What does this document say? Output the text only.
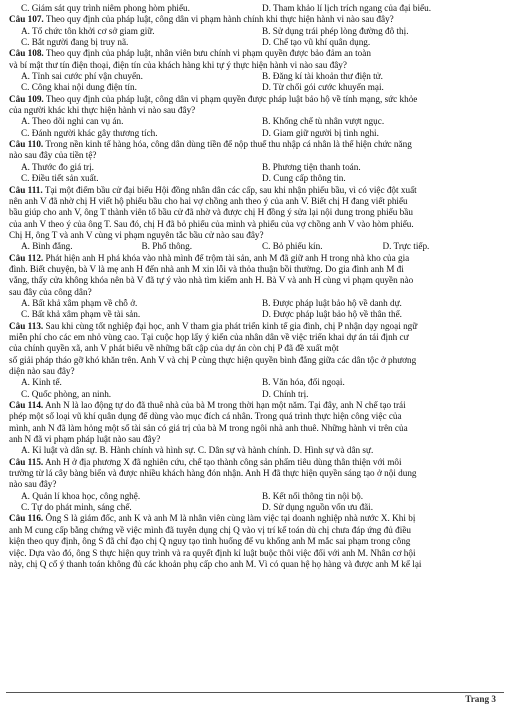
C. Giám sát quy trình niêm phong hòm phiếu.	D. Tham khảo lí lịch trích ngang của đại biểu.
Câu 107. Theo quy định của pháp luật, công dân vi phạm hành chính khi thực hiện hành vi nào sau đây?
A. Tổ chức tôn khởi cơ sở giam giữ.	B. Sử dụng trái phép lòng đường đô thị.
C. Bắt người đang bị truy nã.	D. Chế tạo vũ khí quân dụng.
Câu 108. Theo quy định của pháp luật, nhân viên bưu chính vi phạm quyền được bảo đảm an toàn
và bí mật thư tín điện thoại, điện tín của khách hàng khi tự ý thực hiện hành vi nào sau đây?
A. Tỉnh sai cước phí vận chuyển.	B. Đăng kí tài khoản thư điện tử.
C. Công khai nội dung điện tín.	D. Từ chối gói cước khuyến mại.
Câu 109. Theo quy định của pháp luật, công dân vi phạm quyền được pháp luật bảo hộ về tính mạng, sức khỏe
của người khác khi thực hiện hành vi nào sau đây?
A. Theo dõi nghi can vụ án.	B. Khống chế tù nhân vượt ngục.
C. Đánh người khác gây thương tích.	D. Giam giữ người bị tình nghi.
Câu 110. Trong nền kinh tế hàng hóa, công dân dùng tiền để nộp thuế thu nhập cá nhân là thể hiện chức năng
nào sau đây của tiền tệ?
A. Thước đo giá trị.	B. Phương tiện thanh toán.
C. Điều tiết sản xuất.	D. Cung cấp thông tin.
Câu 111. Tại một điểm bầu cử đại biểu Hội đồng nhân dân các cấp, sau khi nhận phiếu bầu, vì có việc đột xuất
nên anh V đã nhờ chị H viết hộ phiếu bầu cho hai vợ chồng anh theo ý của anh V. Biết chị H đang viết phiếu
bầu giúp cho anh V, ông T thành viên tổ bầu cử đã nhờ và được chị H đồng ý sửa lại nội dung trong phiếu bầu
của anh V theo ý của ông T. Sau đó, chị H đã bỏ phiếu của mình và phiếu của vợ chồng anh V vào hòm phiếu.
Chị H, ông T và anh V cùng vi phạm nguyên tắc bầu cử nào sau đây?
A. Bình đẳng.	B. Phổ thông.	C. Bỏ phiếu kín.	D. Trực tiếp.
Câu 112. Phát hiện anh H phá khóa vào nhà mình để trộm tài sản, anh M đã giữ anh H trong nhà kho của gia
đình. Biết chuyện, bà V là mẹ anh H đến nhà anh M xin lỗi và thỏa thuận bồi thường. Do gia đình anh M đi
vắng, thấy cửa không khóa nên bà V đã tự ý vào nhà tìm kiếm anh H. Bà V và anh H cùng vi phạm quyền nào
sau đây của công dân?
A. Bất khả xâm phạm về chỗ ở.	B. Được pháp luật bảo hộ về danh dự.
C. Bất khả xâm phạm về tài sản.	D. Được pháp luật bảo hộ về thân thể.
Câu 113. Sau khi cùng tốt nghiệp đại học, anh V tham gia phát triển kinh tế gia đình, chị P nhận dạy ngoại ngữ
miễn phí cho các em nhỏ vùng cao. Tại cuộc họp lấy ý kiến của nhân dân về việc triển khai dự án tái định cư
của chính quyền xã, anh V phát biểu về những bất cập của dự án còn chị P đã đề xuất một
số giải pháp tháo gỡ khó khăn trên. Anh V và chị P cùng thực hiện quyền bình đẳng giữa các dân tộc ở phương
diện nào sau đây?
A. Kinh tế.	B. Văn hóa, đối ngoại.
C. Quốc phòng, an ninh.	D. Chính trị.
Câu 114. Anh N là lao động tự do đã thuê nhà của bà M trong thời hạn một năm. Tại đây, anh N chế tạo trái
phép một số loại vũ khí quân dụng để dùng vào mục đích cá nhân. Trong quá trình thực hiện công việc của
mình, anh N đã làm hỏng một số tài sản có giá trị của bà M trong ngôi nhà anh thuê. Những hành vi trên của
anh N đã vi phạm pháp luật nào sau đây?
A. Kỉ luật và dân sự. B. Hành chính và hình sự. C. Dân sự và hành chính. D. Hình sự và dân sự.
Câu 115. Anh H ở địa phương X đã nghiên cứu, chế tạo thành công sản phẩm tiêu dùng thân thiện với môi
trường từ lá cây bàng biển và được nhiều khách hàng đón nhận. Anh H đã thực hiện quyền sáng tạo ở nội dung
nào sau đây?
A. Quản lí khoa học, công nghệ.	B. Kết nối thông tin nội bộ.
C. Tự do phát minh, sáng chế.	D. Sử dụng nguồn vốn ưu đãi.
Câu 116. Ông S là giám đốc, anh K và anh M là nhân viên cùng làm việc tại doanh nghiệp nhà nước X. Khi bị
anh M cung cấp bằng chứng về việc mình đã tuyên dụng chị Q vào vị trí kế toán dù chị chưa đáp ứng đủ điều
kiện theo quy định, ông S đã chỉ đạo chị Q nguy tạo tình huống để vu khống anh M mắc sai phạm trong công
việc. Dựa vào đó, ông S thực hiện quy trình và ra quyết định kỉ luật buộc thôi việc đối với anh M. Nhân cơ hội
này, chị Q cố ý thanh toán không đủ các khoản phụ cấp cho anh M. Vì có quan hệ họ hàng và được anh M kể lại
Trang 3
